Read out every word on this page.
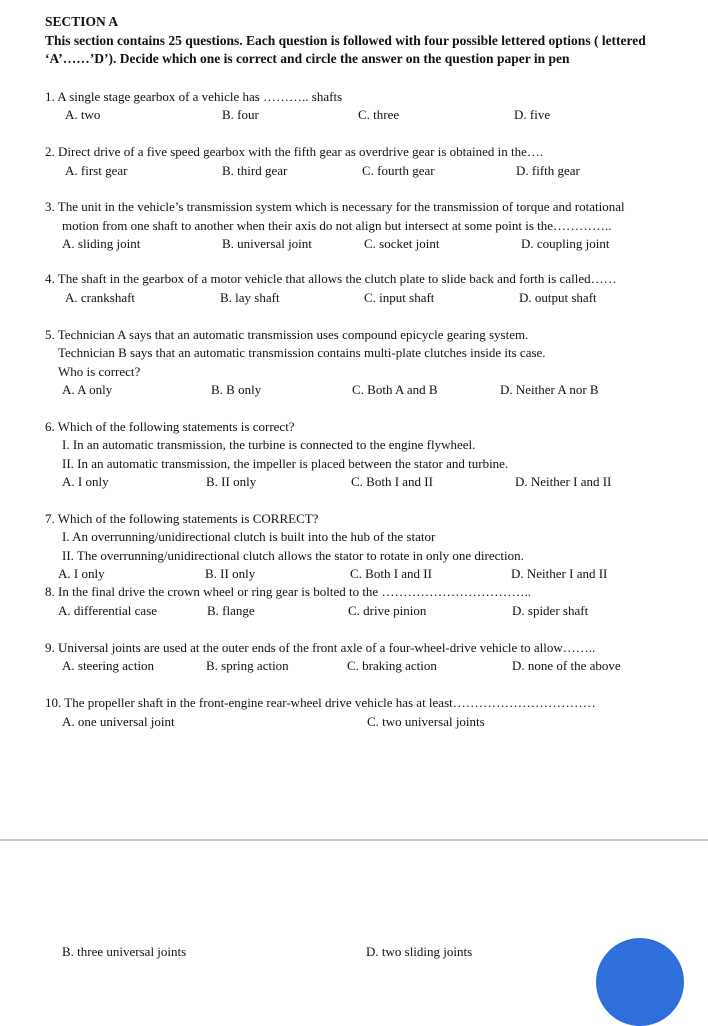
SECTION A
This section contains 25 questions. Each question is followed with four possible lettered options ( lettered
‘A’……’D’). Decide which one is correct and circle the answer on the question paper in pen
1. A single stage gearbox of a vehicle has ……….. shafts
A. two	B. four	C. three	D. five
2. Direct drive of a five speed gearbox with the fifth gear as overdrive gear is obtained in the….
A. first gear	B. third gear	C. fourth gear	D. fifth gear
3. The unit in the vehicle’s transmission system which is necessary for the transmission of torque and rotational
motion from one shaft to another when their axis do not align but intersect at some point is the…………..
A. sliding joint	B. universal joint	C. socket joint	D. coupling joint
4. The shaft in the gearbox of a motor vehicle that allows the clutch plate to slide back and forth is called……
A. crankshaft	B. lay shaft	C. input shaft	D. output shaft
5. Technician A says that an automatic transmission uses compound epicycle gearing system.
Technician B says that an automatic transmission contains multi-plate clutches inside its case.
Who is correct?
A. A only	B. B only	C. Both A and B	D. Neither A nor B
6. Which of the following statements is correct?
I. In an automatic transmission, the turbine is connected to the engine flywheel.
II. In an automatic transmission, the impeller is placed between the stator and turbine.
A. I only	B. II only	C. Both I and II	D. Neither I and II
7. Which of the following statements is CORRECT?
I. An overrunning/unidirectional clutch is built into the hub of the stator
II. The overrunning/unidirectional clutch allows the stator to rotate in only one direction.
A. I only	B. II only	C. Both I and II	D. Neither I and II
8. In the final drive the crown wheel or ring gear is bolted to the ……………………………..
A. differential case	B. flange	C. drive pinion	D. spider shaft
9. Universal joints are used at the outer ends of the front axle of a four-wheel-drive vehicle to allow……..
A. steering action	B. spring action	C. braking action	D. none of the above
10. The propeller shaft in the front-engine rear-wheel drive vehicle has at least……………………………
A. one universal joint	C. two universal joints
B. three universal joints	D. two sliding joints
